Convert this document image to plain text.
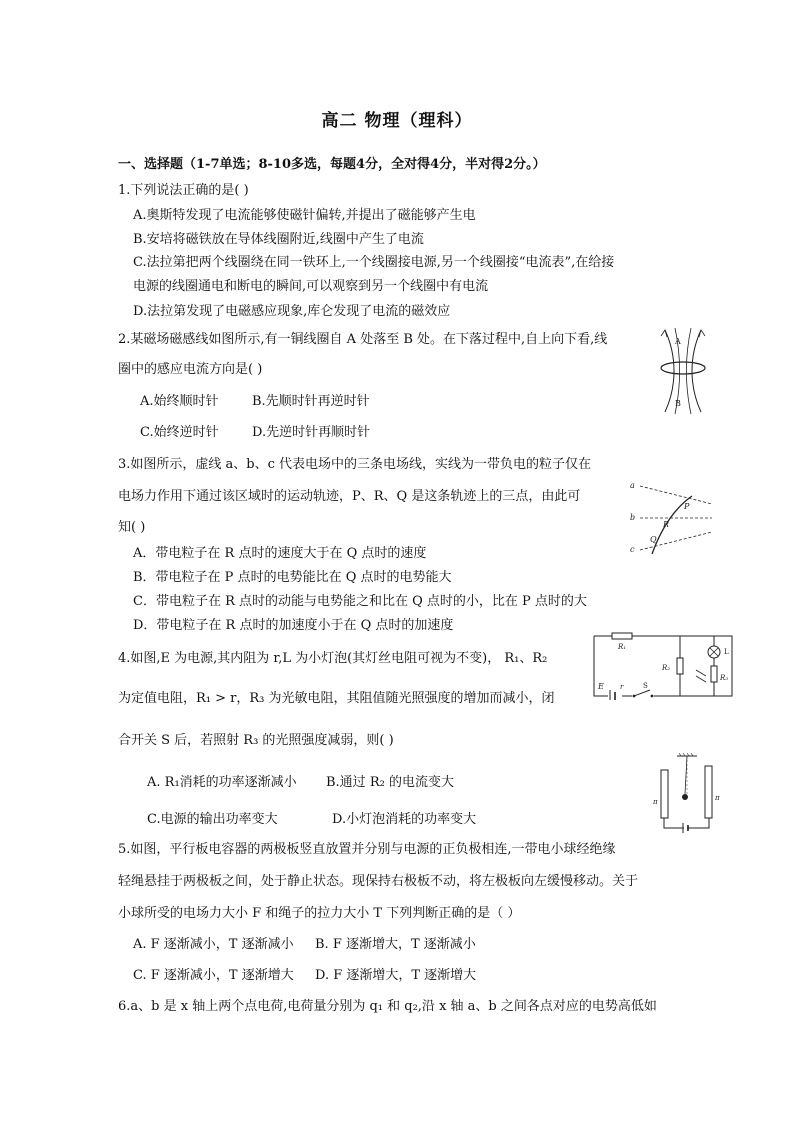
高二 物理（理科）
一、选择题（1-7单选；8-10多选，每题4分，全对得4分，半对得2分。）
1.下列说法正确的是( )
A.奥斯特发现了电流能够使磁针偏转,并提出了磁能够产生电
B.安培将磁铁放在导体线圈附近,线圈中产生了电流
C.法拉第把两个线圈绕在同一铁环上,一个线圈接电源,另一个线圈接“电流表”,在给接
电源的线圈通电和断电的瞬间,可以观察到另一个线圈中有电流
D.法拉第发现了电磁感应现象,库仑发现了电流的磁效应
2.某磁场磁感线如图所示,有一铜线圈自 A 处落至 B 处。在下落过程中,自上向下看,线
圈中的感应电流方向是( )
A.始终顺时针	B.先顺时针再逆时针
C.始终逆时针	D.先逆时针再顺时针
A
B
3.如图所示，虚线 a、b、c 代表电场中的三条电场线，实线为一带负电的粒子仅在
电场力作用下通过该区域时的运动轨迹，P、R、Q 是这条轨迹上的三点，由此可
知( )
A．带电粒子在 R 点时的速度大于在 Q 点时的速度
B．带电粒子在 P 点时的电势能比在 Q 点时的电势能大
C．带电粒子在 R 点时的动能与电势能之和比在 Q 点时的小，比在 P 点时的大
D．带电粒子在 R 点时的加速度小于在 Q 点时的加速度
a
b
c
P
R
Q
4.如图,E 为电源,其内阻为 r,L 为小灯泡(其灯丝电阻可视为不变)， R₁、R₂
为定值电阻，R₁ > r，R₃ 为光敏电阻，其阻值随光照强度的增加而减小，闭
合开关 S 后，若照射 R₃ 的光照强度减弱，则( )
A. R₁消耗的功率逐渐减小 B.通过 R₂ 的电流变大
C.电源的输出功率变大	D.小灯泡消耗的功率变大
R₁
R₂
R₃
L
E r	S
π	π
5.如图，平行板电容器的两极板竖直放置并分别与电源的正负极相连,一带电小球经绝缘
轻绳悬挂于两极板之间，处于静止状态。现保持右极板不动，将左极板向左缓慢移动。关于
小球所受的电场力大小 F 和绳子的拉力大小 T 下列判断正确的是（ ）
A. F 逐渐减小，T 逐渐减小 B. F 逐渐增大，T 逐渐减小
C. F 逐渐减小，T 逐渐增大 D. F 逐渐增大，T 逐渐增大
6.a、b 是 x 轴上两个点电荷,电荷量分别为 q₁ 和 q₂,沿 x 轴 a、b 之间各点对应的电势高低如
